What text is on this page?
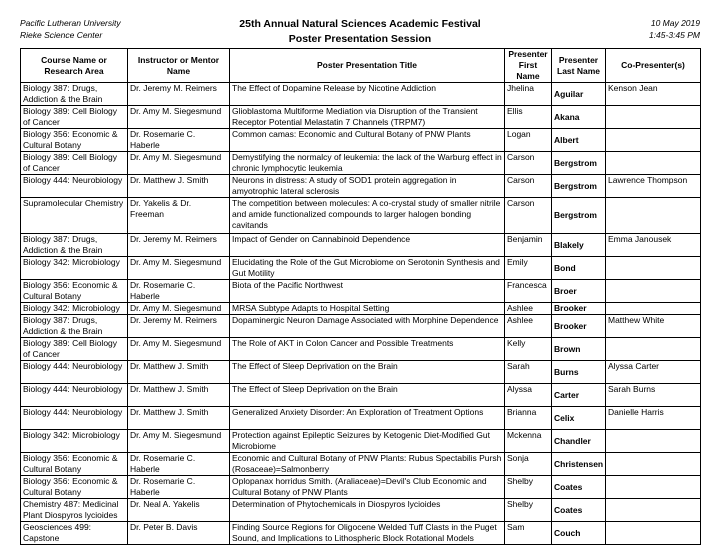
Pacific Lutheran University
Rieke Science Center
25th Annual Natural Sciences Academic Festival
Poster Presentation Session
10 May 2019
1:45-3:45 PM
Course Name or Research Area	Instructor or Mentor Name	Poster Presentation Title	Presenter First Name	Presenter Last Name	Co-Presenter(s)
Biology 387: Drugs, Addiction & the Brain	Dr. Jeremy M. Reimers	The Effect of Dopamine Release by Nicotine Addiction	Jhelina	Aguilar	Kenson Jean
Biology 389: Cell Biology of Cancer	Dr. Amy M. Siegesmund	Glioblastoma Multiforme Mediation via Disruption of the Transient Receptor Potential Melastatin 7 Channels (TRPM7)	Ellis	Akana	
Biology 356: Economic & Cultural Botany	Dr. Rosemarie C. Haberle	Common camas: Economic and Cultural Botany of PNW Plants	Logan	Albert	
Biology 389: Cell Biology of Cancer	Dr. Amy M. Siegesmund	Demystifying the normalcy of leukemia: the lack of the Warburg effect in chronic lymphocytic leukemia	Carson	Bergstrom	
Biology 444: Neurobiology	Dr. Matthew J. Smith	Neurons in distress: A study of SOD1 protein aggregation in amyotrophic lateral sclerosis	Carson	Bergstrom	Lawrence Thompson
Supramolecular Chemistry	Dr. Yakelis & Dr. Freeman	The competition between molecules: A co-crystal study of smaller nitrile and amide functionalized compounds to larger halogen bonding cavitands	Carson	Bergstrom	
Biology 387: Drugs, Addiction & the Brain	Dr. Jeremy M. Reimers	Impact of Gender on Cannabinoid Dependence	Benjamin	Blakely	Emma Janousek
Biology 342: Microbiology	Dr. Amy M. Siegesmund	Elucidating the Role of the Gut Microbiome on Serotonin Synthesis and Gut Motility	Emily	Bond	
Biology 356: Economic & Cultural Botany	Dr. Rosemarie C. Haberle	Biota of the Pacific Northwest	Francesca	Broer	
Biology 342: Microbiology	Dr. Amy M. Siegesmund	MRSA Subtype Adapts to Hospital Setting	Ashlee	Brooker	
Biology 387: Drugs, Addiction & the Brain	Dr. Jeremy M. Reimers	Dopaminergic Neuron Damage Associated with Morphine Dependence	Ashlee	Brooker	Matthew White
Biology 389: Cell Biology of Cancer	Dr. Amy M. Siegesmund	The Role of AKT in Colon Cancer and Possible Treatments	Kelly	Brown	
Biology 444: Neurobiology	Dr. Matthew J. Smith	The Effect of Sleep Deprivation on the Brain	Sarah	Burns	Alyssa Carter
Biology 444: Neurobiology	Dr. Matthew J. Smith	The Effect of Sleep Deprivation on the Brain	Alyssa	Carter	Sarah Burns
Biology 444: Neurobiology	Dr. Matthew J. Smith	Generalized Anxiety Disorder: An Exploration of Treatment Options	Brianna	Celix	Danielle Harris
Biology 342: Microbiology	Dr. Amy M. Siegesmund	Protection against Epileptic Seizures by Ketogenic Diet-Modified Gut Microbiome	Mckenna	Chandler	
Biology 356: Economic & Cultural Botany	Dr. Rosemarie C. Haberle	Economic and Cultural Botany of PNW Plants: Rubus Spectabilis Pursh (Rosaceae)=Salmonberry	Sonja	Christensen	
Biology 356: Economic & Cultural Botany	Dr. Rosemarie C. Haberle	Oplopanax horridus Smith. (Araliaceae)=Devil's Club Economic and Cultural Botany of PNW Plants	Shelby	Coates	
Chemistry 487: Medicinal Plant Diospyros lycioides	Dr. Neal A. Yakelis	Determination of Phytochemicals in Diospyros lycioides	Shelby	Coates	
Geosciences 499: Capstone	Dr. Peter B. Davis	Finding Source Regions for Oligocene Welded Tuff Clasts in the Puget Sound, and Implications to Lithospheric Block Rotational Models	Sam	Couch	
